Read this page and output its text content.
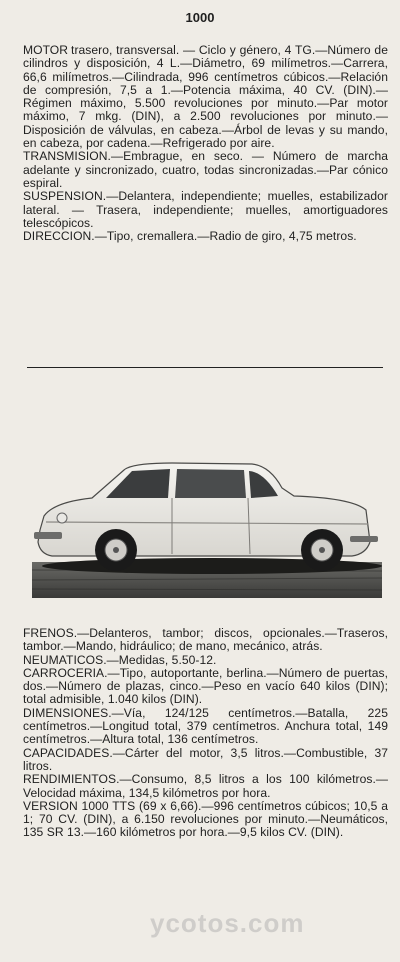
1000

MOTOR trasero, transversal. — Ciclo y género, 4 TG.—Número de cilindros y disposición, 4 L.—Diámetro, 69 milímetros.—Carrera, 66,6 milímetros.—Cilindrada, 996 centímetros cúbicos.—Relación de compresión, 7,5 a 1.—Potencia máxima, 40 CV. (DIN).—Régimen máximo, 5.500 revoluciones por minuto.—Par motor máximo, 7 mkg. (DIN), a 2.500 revoluciones por minuto.—Disposición de válvulas, en cabeza.—Árbol de levas y su mando, en cabeza, por cadena.—Refrigerado por aire.

TRANSMISION.—Embrague, en seco. — Número de marcha adelante y sincronizado, cuatro, todas sincronizadas.—Par cónico espiral.

SUSPENSION.—Delantera, independiente; muelles, estabilizador lateral. — Trasera, independiente; muelles, amortiguadores telescópicos.

DIRECCION.—Tipo, cremallera.—Radio de giro, 4,75 metros.

FRENOS.—Delanteros, tambor; discos, opcionales.—Traseros, tambor.—Mando, hidráulico; de mano, mecánico, atrás.

NEUMATICOS.—Medidas, 5.50-12.

CARROCERIA.—Tipo, autoportante, berlina.—Número de puertas, dos.—Número de plazas, cinco.—Peso en vacío 640 kilos (DIN); total admisible, 1.040 kilos (DIN).

DIMENSIONES.—Vía, 124/125 centímetros.—Batalla, 225 centímetros.—Longitud total, 379 centímetros. Anchura total, 149 centímetros.—Altura total, 136 centímetros.

CAPACIDADES.—Cárter del motor, 3,5 litros.—Combustible, 37 litros.

RENDIMIENTOS.—Consumo, 8,5 litros a los 100 kilómetros.—Velocidad máxima, 134,5 kilómetros por hora.

VERSION 1000 TTS (69 x 6,66).—996 centímetros cúbicos; 10,5 a 1; 70 CV. (DIN), a 6.150 revoluciones por minuto.—Neumáticos, 135 SR 13.—160 kilómetros por hora.—9,5 kilos CV. (DIN).

ycotos.com
